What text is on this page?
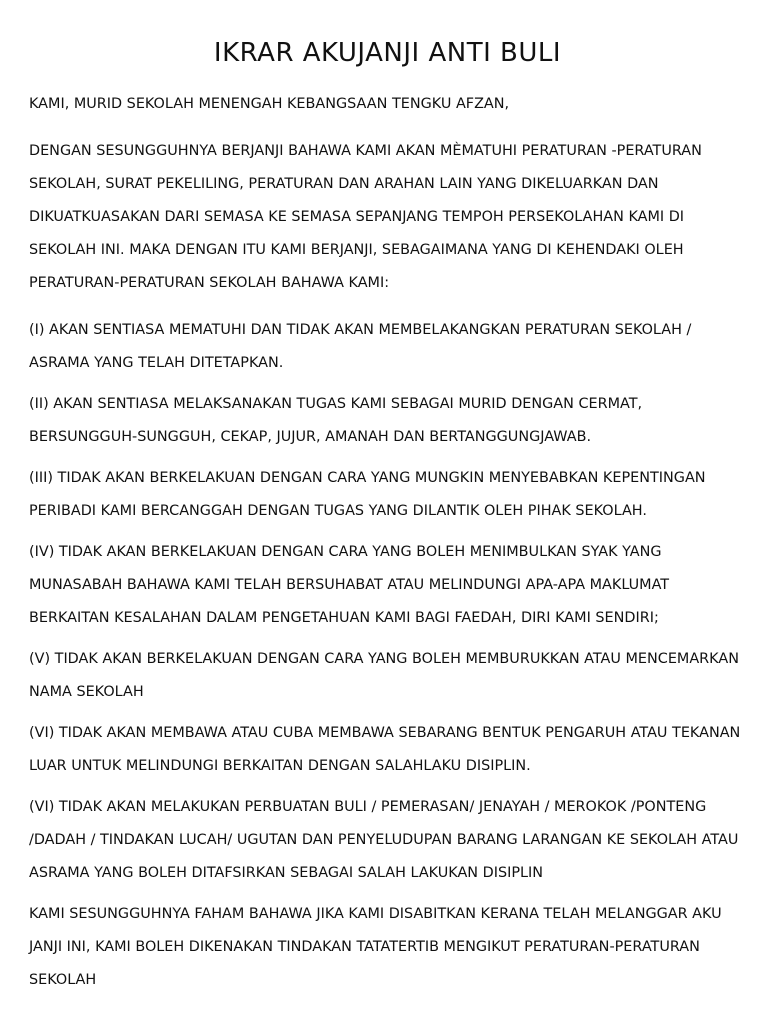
IKRAR AKUJANJI ANTI BULI

KAMI, MURID SEKOLAH MENENGAH KEBANGSAAN TENGKU AFZAN,

DENGAN SESUNGGUHNYA BERJANJI BAHAWA KAMI AKAN MÈMATUHI PERATURAN -PERATURAN SEKOLAH, SURAT PEKELILING, PERATURAN DAN ARAHAN LAIN YANG DIKELUARKAN DAN DIKUATKUASAKAN DARI SEMASA KE SEMASA SEPANJANG TEMPOH PERSEKOLAHAN KAMI DI SEKOLAH INI. MAKA DENGAN ITU KAMI BERJANJI, SEBAGAIMANA YANG DI KEHENDAKI OLEH PERATURAN-PERATURAN SEKOLAH BAHAWA KAMI:

(I) AKAN SENTIASA MEMATUHI DAN TIDAK AKAN MEMBELAKANGKAN PERATURAN SEKOLAH / ASRAMA YANG TELAH DITETAPKAN.

(II) AKAN SENTIASA MELAKSANAKAN TUGAS KAMI SEBAGAI MURID DENGAN CERMAT, BERSUNGGUH-SUNGGUH, CEKAP, JUJUR, AMANAH DAN BERTANGGUNGJAWAB.

(III) TIDAK AKAN BERKELAKUAN DENGAN CARA YANG MUNGKIN MENYEBABKAN KEPENTINGAN PERIBADI KAMI BERCANGGAH DENGAN TUGAS YANG DILANTIK OLEH PIHAK SEKOLAH.

(IV) TIDAK AKAN BERKELAKUAN DENGAN CARA YANG BOLEH MENIMBULKAN SYAK YANG MUNASABAH BAHAWA KAMI TELAH BERSUHABAT ATAU MELINDUNGI APA-APA MAKLUMAT BERKAITAN KESALAHAN DALAM PENGETAHUAN KAMI BAGI FAEDAH, DIRI KAMI SENDIRI;

(V) TIDAK AKAN BERKELAKUAN DENGAN CARA YANG BOLEH MEMBURUKKAN ATAU MENCEMARKAN NAMA SEKOLAH

(VI) TIDAK AKAN MEMBAWA ATAU CUBA MEMBAWA SEBARANG BENTUK PENGARUH ATAU TEKANAN LUAR UNTUK MELINDUNGI BERKAITAN DENGAN SALAHLAKU DISIPLIN.

(VI) TIDAK AKAN MELAKUKAN PERBUATAN BULI / PEMERASAN/ JENAYAH / MEROKOK /PONTENG /DADAH / TINDAKAN LUCAH/ UGUTAN DAN PENYELUDUPAN BARANG LARANGAN KE SEKOLAH ATAU ASRAMA YANG BOLEH DITAFSIRKAN SEBAGAI SALAH LAKUKAN DISIPLIN

KAMI SESUNGGUHNYA FAHAM BAHAWA JIKA KAMI DISABITKAN KERANA TELAH MELANGGAR AKU JANJI INI, KAMI BOLEH DIKENAKAN TINDAKAN TATATERTIB MENGIKUT PERATURAN-PERATURAN SEKOLAH
